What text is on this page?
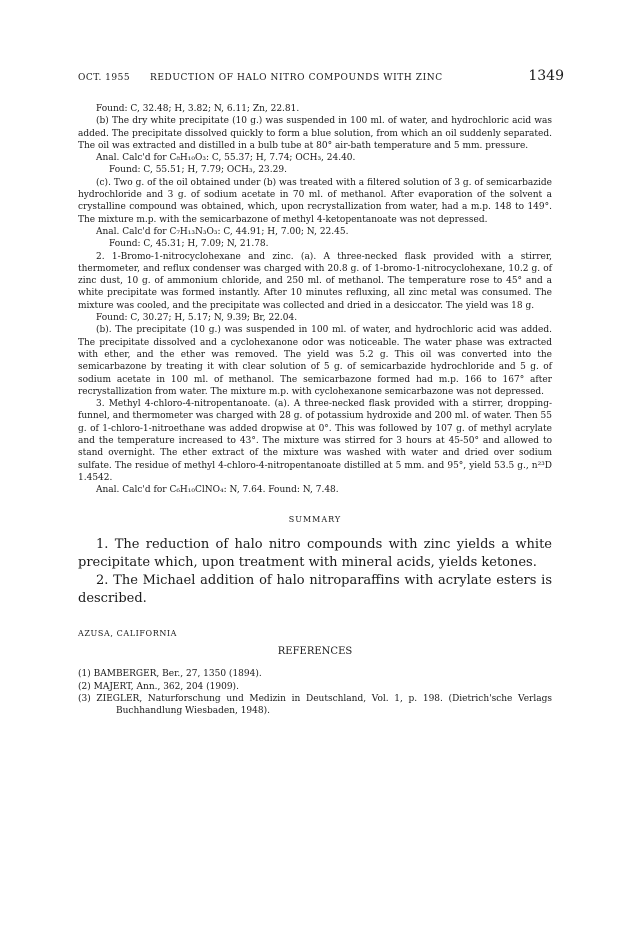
OCT. 1955 REDUCTION OF HALO NITRO COMPOUNDS WITH ZINC	1349

Found: C, 32.48; H, 3.82; N, 6.11; Zn, 22.81.

(b) The dry white precipitate (10 g.) was suspended in 100 ml. of water, and hydrochloric acid was added. The precipitate dissolved quickly to form a blue solution, from which an oil suddenly separated. The oil was extracted and distilled in a bulb tube at 80° air-bath temperature and 5 mm. pressure.

Anal. Calc'd for C₈H₁₀O₃: C, 55.37; H, 7.74; OCH₃, 24.40.

Found: C, 55.51; H, 7.79; OCH₃, 23.29.

(c). Two g. of the oil obtained under (b) was treated with a filtered solution of 3 g. of semicarbazide hydrochloride and 3 g. of sodium acetate in 70 ml. of methanol. After evaporation of the solvent a crystalline compound was obtained, which, upon recrystallization from water, had a m.p. 148 to 149°. The mixture m.p. with the semicarbazone of methyl 4-ketopentanoate was not depressed.

Anal. Calc'd for C₇H₁₃N₃O₃: C, 44.91; H, 7.00; N, 22.45.

Found: C, 45.31; H, 7.09; N, 21.78.

2. 1-Bromo-1-nitrocyclohexane and zinc. (a). A three-necked flask provided with a stirrer, thermometer, and reflux condenser was charged with 20.8 g. of 1-bromo-1-nitrocyclohexane, 10.2 g. of zinc dust, 10 g. of ammonium chloride, and 250 ml. of methanol. The temperature rose to 45° and a white precipitate was formed instantly. After 10 minutes refluxing, all zinc metal was consumed. The mixture was cooled, and the precipitate was collected and dried in a desiccator. The yield was 18 g.

Found: C, 30.27; H, 5.17; N, 9.39; Br, 22.04.

(b). The precipitate (10 g.) was suspended in 100 ml. of water, and hydrochloric acid was added. The precipitate dissolved and a cyclohexanone odor was noticeable. The water phase was extracted with ether, and the ether was removed. The yield was 5.2 g. This oil was converted into the semicarbazone by treating it with clear solution of 5 g. of semicarbazide hydrochloride and 5 g. of sodium acetate in 100 ml. of methanol. The semicarbazone formed had m.p. 166 to 167° after recrystallization from water. The mixture m.p. with cyclohexanone semicarbazone was not depressed.

3. Methyl 4-chloro-4-nitropentanoate. (a). A three-necked flask provided with a stirrer, dropping-funnel, and thermometer was charged with 28 g. of potassium hydroxide and 200 ml. of water. Then 55 g. of 1-chloro-1-nitroethane was added dropwise at 0°. This was followed by 107 g. of methyl acrylate and the temperature increased to 43°. The mixture was stirred for 3 hours at 45-50° and allowed to stand overnight. The ether extract of the mixture was washed with water and dried over sodium sulfate. The residue of methyl 4-chloro-4-nitropentanoate distilled at 5 mm. and 95°, yield 53.5 g., n²³D 1.4542.

Anal. Calc'd for C₆H₁₀ClNO₄: N, 7.64. Found: N, 7.48.

SUMMARY

1. The reduction of halo nitro compounds with zinc yields a white precipitate which, upon treatment with mineral acids, yields ketones.

2. The Michael addition of halo nitroparaffins with acrylate esters is described.

AZUSA, CALIFORNIA
REFERENCES

(1) BAMBERGER, Ber., 27, 1350 (1894).

(2) MAJERT, Ann., 362, 204 (1909).

(3) ZIEGLER, Naturforschung und Medizin in Deutschland, Vol. 1, p. 198. (Dietrich'sche Verlags Buchhandlung Wiesbaden, 1948).
